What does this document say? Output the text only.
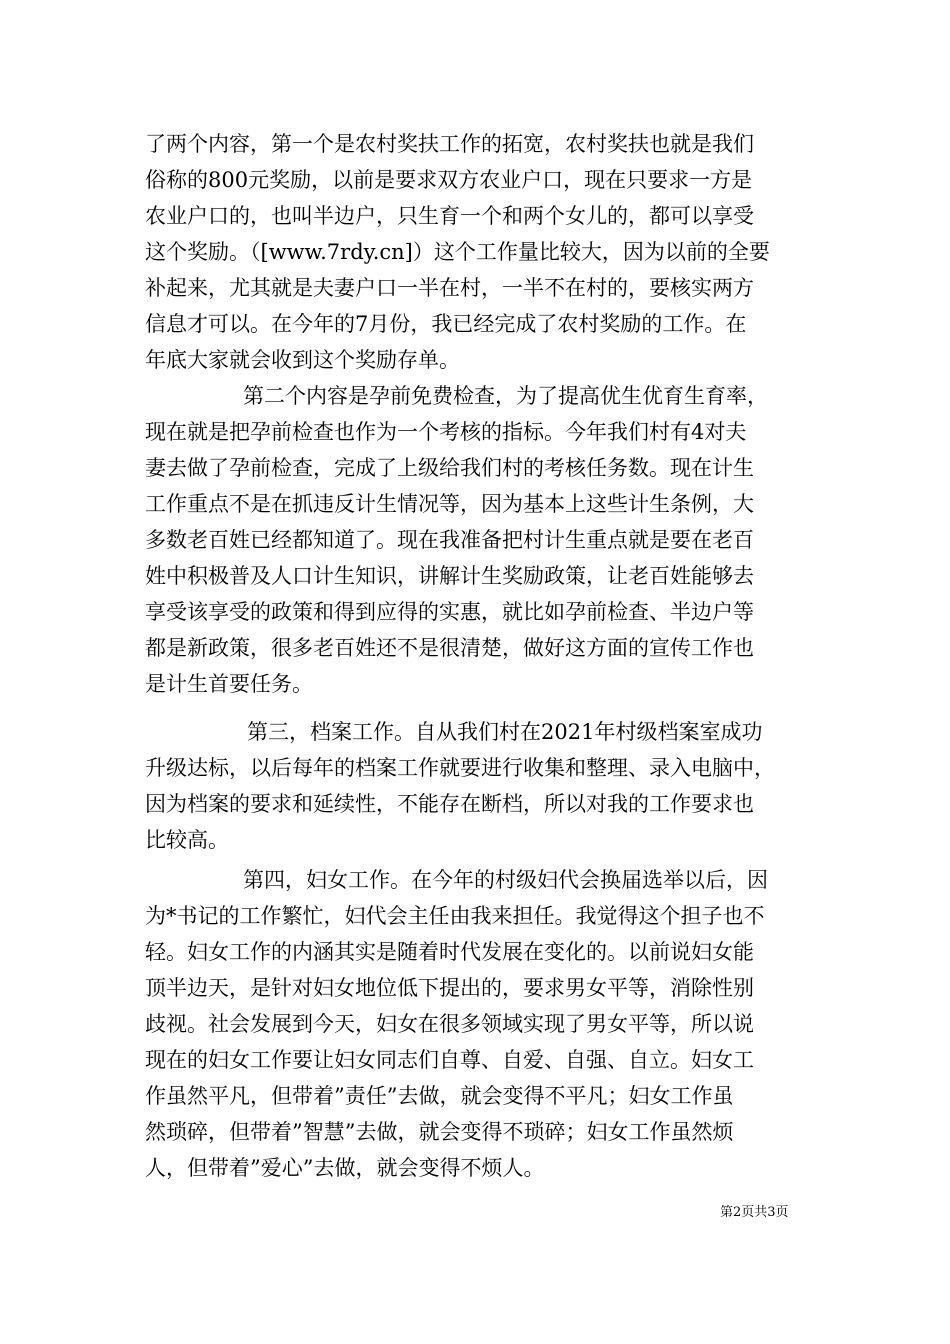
了两个内容，第一个是农村奖扶工作的拓宽，农村奖扶也就是我们

俗称的800元奖励，以前是要求双方农业户口，现在只要求一方是

农业户口的，也叫半边户，只生育一个和两个女儿的，都可以享受

这个奖励。（[www.7rdy.cn]）这个工作量比较大，因为以前的全要

补起来，尤其就是夫妻户口一半在村，一半不在村的，要核实两方

信息才可以。在今年的7月份，我已经完成了农村奖励的工作。在

年底大家就会收到这个奖励存单。

第二个内容是孕前免费检查，为了提高优生优育生育率，

现在就是把孕前检查也作为一个考核的指标。今年我们村有4对夫

妻去做了孕前检查，完成了上级给我们村的考核任务数。现在计生

工作重点不是在抓违反计生情况等，因为基本上这些计生条例，大

多数老百姓已经都知道了。现在我准备把村计生重点就是要在老百

姓中积极普及人口计生知识，讲解计生奖励政策，让老百姓能够去

享受该享受的政策和得到应得的实惠，就比如孕前检查、半边户等

都是新政策，很多老百姓还不是很清楚，做好这方面的宣传工作也

是计生首要任务。

第三，档案工作。自从我们村在2021年村级档案室成功

升级达标，以后每年的档案工作就要进行收集和整理、录入电脑中，

因为档案的要求和延续性，不能存在断档，所以对我的工作要求也

比较高。

第四，妇女工作。在今年的村级妇代会换届选举以后，因

为*书记的工作繁忙，妇代会主任由我来担任。我觉得这个担子也不

轻。妇女工作的内涵其实是随着时代发展在变化的。以前说妇女能

顶半边天，是针对妇女地位低下提出的，要求男女平等，消除性别

歧视。社会发展到今天，妇女在很多领域实现了男女平等，所以说

现在的妇女工作要让妇女同志们自尊、自爱、自强、自立。妇女工

作虽然平凡，但带着”责任”去做，就会变得不平凡；妇女工作虽

然琐碎，但带着”智慧”去做，就会变得不琐碎；妇女工作虽然烦

人，但带着”爱心”去做，就会变得不烦人。

第2页共3页
